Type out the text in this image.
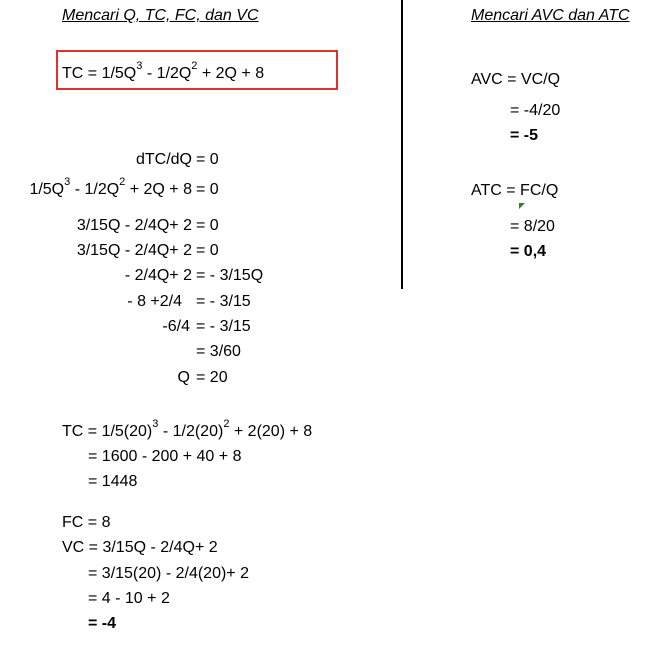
Mencari Q, TC, FC, dan VC
TC = $1/5Q^3 - 1/2Q^2 + 2Q + 8$
dTC/dQ = 0
$1/5Q^3 - 1/2Q^2 + 2Q + 8 = 0$
3/15Q - 2/4Q+ 2 = 0
3/15Q - 2/4Q+ 2 = 0
- 2/4Q+ 2 = - 3/15Q
- 8 +2/4 = - 3/15
-6/4 = - 3/15
= 3/60
Q = 20
TC = $1/5(20)^3 - 1/2(20)^2 + 2(20) + 8$
= 1600 - 200 + 40 + 8
= 1448
FC = 8
VC = 3/15Q - 2/4Q+ 2
= 3/15(20) - 2/4(20)+ 2
= 4 - 10 + 2
= -4
Mencari AVC dan ATC
AVC = VC/Q
= -4/20
= -5
ATC = FC/Q
= 8/20
= 0,4
